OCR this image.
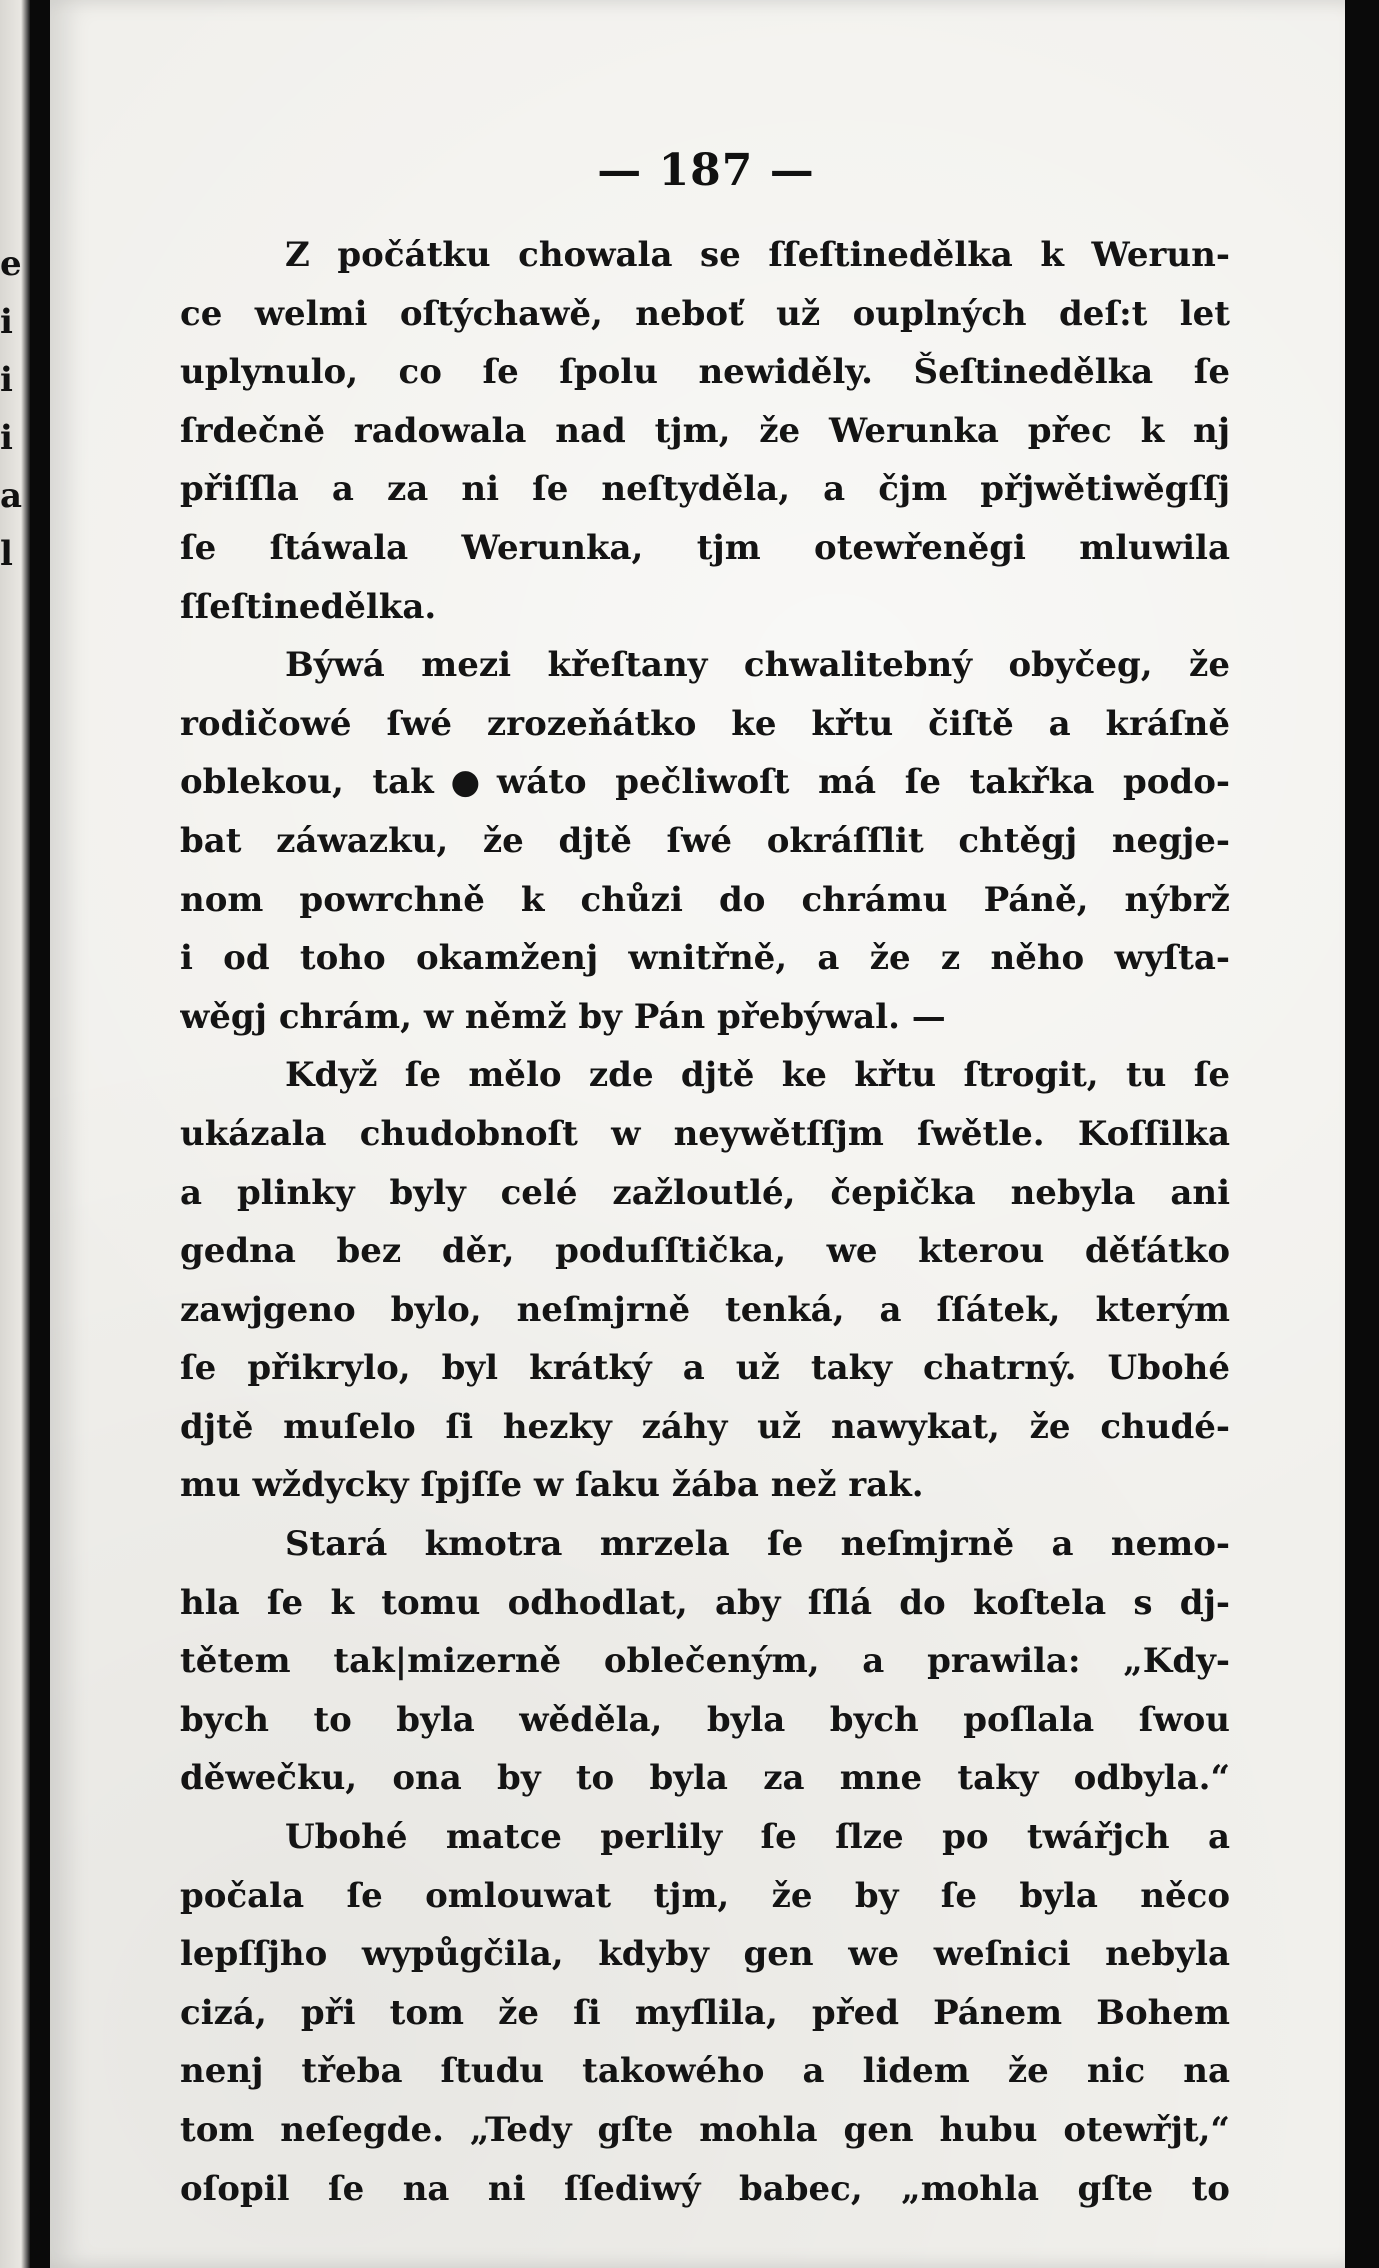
e
i
i
i
a
l
— 187 —
Z počátku chowala se ſſeſtinedělka k Werun-
ce welmi oſtýchawě, neboť už ouplných deſ:t let
uplynulo, co ſe ſpolu newiděly. Šeſtinedělka ſe
ſrdečně radowala nad tjm, že Werunka přec k nj
přiſſla a za ni ſe neſtyděla, a čjm přjwětiwěgſſj
ſe ſtáwala Werunka, tjm otewřeněgi mluwila
ſſeſtinedělka.
Býwá mezi křeſtany chwalitebný obyčeg, že
rodičowé ſwé zrozeňátko ke křtu čiſtě a kráſně
oblekou, tak●wáto pečliwoſt má ſe takřka podo-
bat záwazku, že djtě ſwé okráſſlit chtěgj negje-
nom powrchně k chůzi do chrámu Páně, nýbrž
i od toho okamženj wnitřně, a že z něho wyſta-
wěgj chrám, w němž by Pán přebýwal. —
Když ſe mělo zde djtě ke křtu ſtrogit, tu ſe
ukázala chudobnoſt w neywětſſjm ſwětle. Koſſilka
a plinky byly celé zažloutlé, čepička nebyla ani
gedna bez děr, poduſſtička, we kterou děťátko
zawjgeno bylo, neſmjrně tenká, a ſſátek, kterým
ſe přikrylo, byl krátký a už taky chatrný. Ubohé
djtě muſelo ſi hezky záhy už nawykat, že chudé-
mu wždycky ſpjſſe w ſaku žába než rak.
Stará kmotra mrzela ſe neſmjrně a nemo-
hla ſe k tomu odhodlat, aby ſſlá do koſtela s dj-
tětem tak|mizerně oblečeným, a prawila: „Kdy-
bych to byla wěděla, byla bych poſlala ſwou
děwečku, ona by to byla za mne taky odbyla.“
Ubohé matce perlily ſe ſlze po twářjch a
počala ſe omlouwat tjm, že by ſe byla něco
lepſſjho wypůgčila, kdyby gen we weſnici nebyla
cizá, při tom že ſi myſlila, před Pánem Bohem
nenj třeba ſtudu takowého a lidem že nic na
tom neſegde. „Tedy gſte mohla gen hubu otewřjt,“
oſopil ſe na ni ſſediwý babec, „mohla gſte to
